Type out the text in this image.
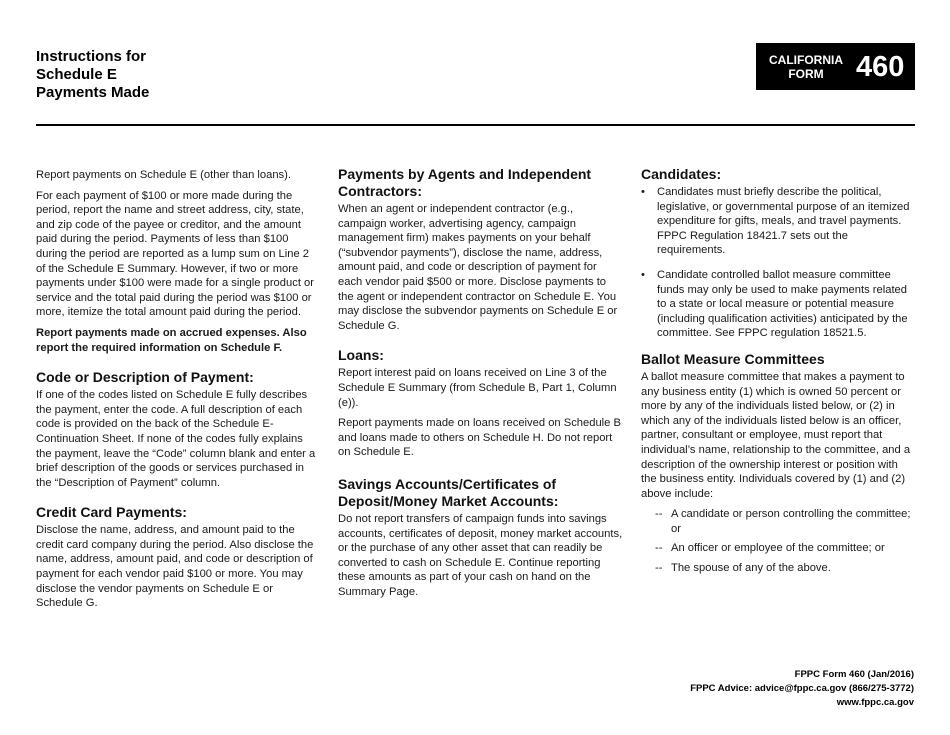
Instructions for
Schedule E
Payments Made
CALIFORNIA
FORM	460

Report payments on Schedule E (other than loans).

For each payment of $100 or more made during the period, report the name and street address, city, state, and zip code of the payee or creditor, and the amount paid during the period. Payments of less than $100 during the period are reported as a lump sum on Line 2 of the Schedule E Summary. However, if two or more payments under $100 were made for a single product or service and the total paid during the period was $100 or more, itemize the total amount paid during the period.

Report payments made on accrued expenses. Also report the required information on Schedule F.

Code or Description of Payment:

If one of the codes listed on Schedule E fully describes the payment, enter the code. A full description of each code is provided on the back of the Schedule E-Continuation Sheet. If none of the codes fully explains the payment, leave the “Code” column blank and enter a brief description of the goods or services purchased in the “Description of Payment” column.

Credit Card Payments:

Disclose the name, address, and amount paid to the credit card company during the period. Also disclose the name, address, amount paid, and code or description of payment for each vendor paid $100 or more. You may disclose the vendor payments on Schedule E or Schedule G.

Payments by Agents and Independent Contractors:

When an agent or independent contractor (e.g., campaign worker, advertising agency, campaign management firm) makes payments on your behalf (“subvendor payments”), disclose the name, address, amount paid, and code or description of payment for each vendor paid $500 or more. Disclose payments to the agent or independent contractor on Schedule E. You may disclose the subvendor payments on Schedule E or Schedule G.

Loans:

Report interest paid on loans received on Line 3 of the Schedule E Summary (from Schedule B, Part 1, Column (e)).

Report payments made on loans received on Schedule B and loans made to others on Schedule H. Do not report on Schedule E.

Savings Accounts/Certificates of Deposit/Money Market Accounts:

Do not report transfers of campaign funds into savings accounts, certificates of deposit, money market accounts, or the purchase of any other asset that can readily be converted to cash on Schedule E. Continue reporting these amounts as part of your cash on hand on the Summary Page.

Candidates:
• Candidates must briefly describe the political, legislative, or governmental purpose of an itemized expenditure for gifts, meals, and travel payments. FPPC Regulation 18421.7 sets out the requirements.
• Candidate controlled ballot measure committee funds may only be used to make payments related to a state or local measure or potential measure (including qualification activities) anticipated by the committee. See FPPC regulation 18521.5.
Ballot Measure Committees

A ballot measure committee that makes a payment to any business entity (1) which is owned 50 percent or more by any of the individuals listed below, or (2) in which any of the individuals listed below is an officer, partner, consultant or employee, must report that individual’s name, relationship to the committee, and a description of the ownership interest or position with the business entity. Individuals covered by (1) and (2) above include:

-- A candidate or person controlling the committee; or
-- An officer or employee of the committee; or
-- The spouse of any of the above.
FPPC Form 460 (Jan/2016)
FPPC Advice: advice@fppc.ca.gov (866/275-3772)
www.fppc.ca.gov
